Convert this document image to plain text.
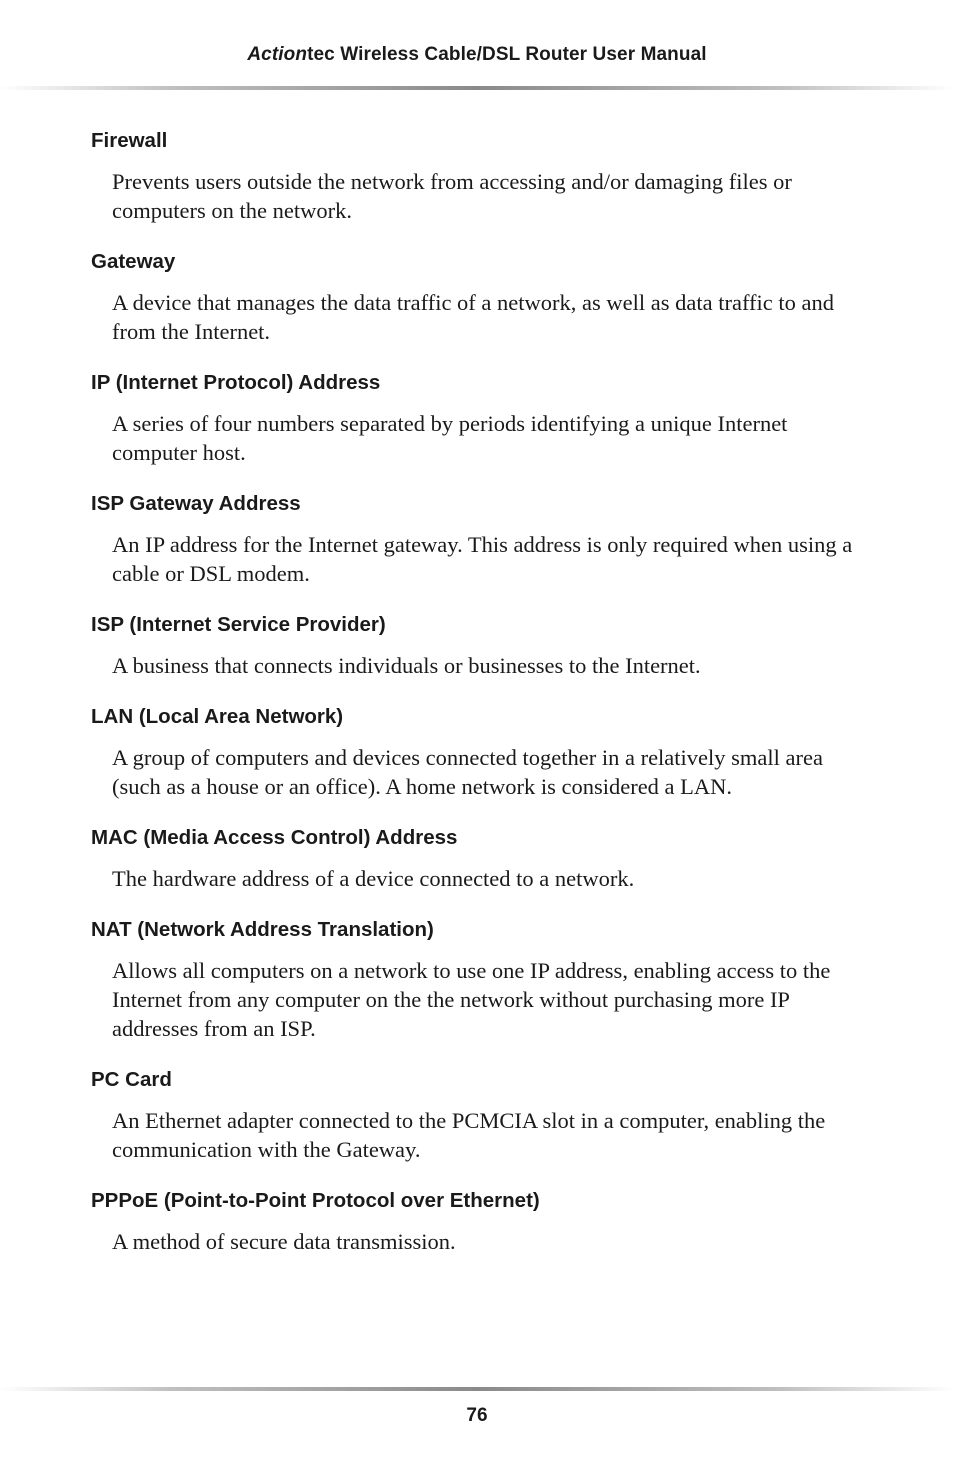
Actiontec Wireless Cable/DSL Router User Manual
Firewall
Prevents users outside the network from accessing and/or damaging files or computers on the network.
Gateway
A device that manages the data traffic of a network, as well as data traffic to and from the Internet.
IP (Internet Protocol) Address
A series of four numbers separated by periods identifying a unique Internet computer host.
ISP Gateway Address
An IP address for the Internet gateway. This address is only required when using a cable or DSL modem.
ISP (Internet Service Provider)
A business that connects individuals or businesses to the Internet.
LAN (Local Area Network)
A group of computers and devices connected together in a relatively small area (such as a house or an office). A home network is considered a LAN.
MAC (Media Access Control) Address
The hardware address of a device connected to a network.
NAT (Network Address Translation)
Allows all computers on a network to use one IP address, enabling access to the Internet from any computer on the the network without purchasing more IP addresses from an ISP.
PC Card
An Ethernet adapter connected to the PCMCIA slot in a computer, enabling the communication with the Gateway.
PPPoE (Point-to-Point Protocol over Ethernet)
A method of secure data transmission.
76
